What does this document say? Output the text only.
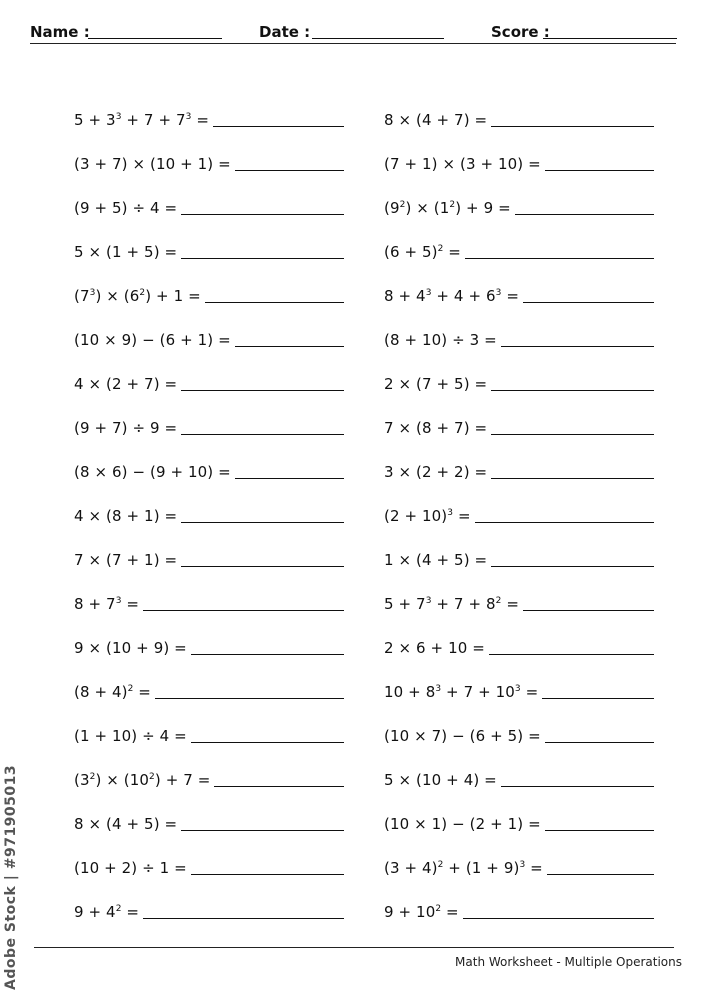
Name :	Date :	Score :
$5 + 3^3 + 7 + 7^3$ =
(3 + 7) × (10 + 1) =
(9 + 5) ÷ 4 =
5 × (1 + 5) =
$(7^3) \times (6^2) + 1$ =
(10 × 9) − (6 + 1) =
4 × (2 + 7) =
(9 + 7) ÷ 9 =
(8 × 6) − (9 + 10) =
4 × (8 + 1) =
7 × (7 + 1) =
$8 + 7^3$ =
9 × (10 + 9) =
$(8 + 4)^2$ =
(1 + 10) ÷ 4 =
$(3^2) \times (10^2) + 7$ =
8 × (4 + 5) =
(10 + 2) ÷ 1 =
$9 + 4^2$ =
8 × (4 + 7) =
(7 + 1) × (3 + 10) =
$(9^2) \times (1^2) + 9$ =
$(6 + 5)^2$ =
$8 + 4^3 + 4 + 6^3$ =
(8 + 10) ÷ 3 =
2 × (7 + 5) =
7 × (8 + 7) =
3 × (2 + 2) =
$(2 + 10)^3$ =
1 × (4 + 5) =
$5 + 7^3 + 7 + 8^2$ =
2 × 6 + 10 =
$10 + 8^3 + 7 + 10^3$ =
(10 × 7) − (6 + 5) =
5 × (10 + 4) =
(10 × 1) − (2 + 1) =
$(3 + 4)^2 + (1 + 9)^3$ =
$9 + 10^2$ =
Math Worksheet - Multiple Operations
Adobe Stock | #971905013
